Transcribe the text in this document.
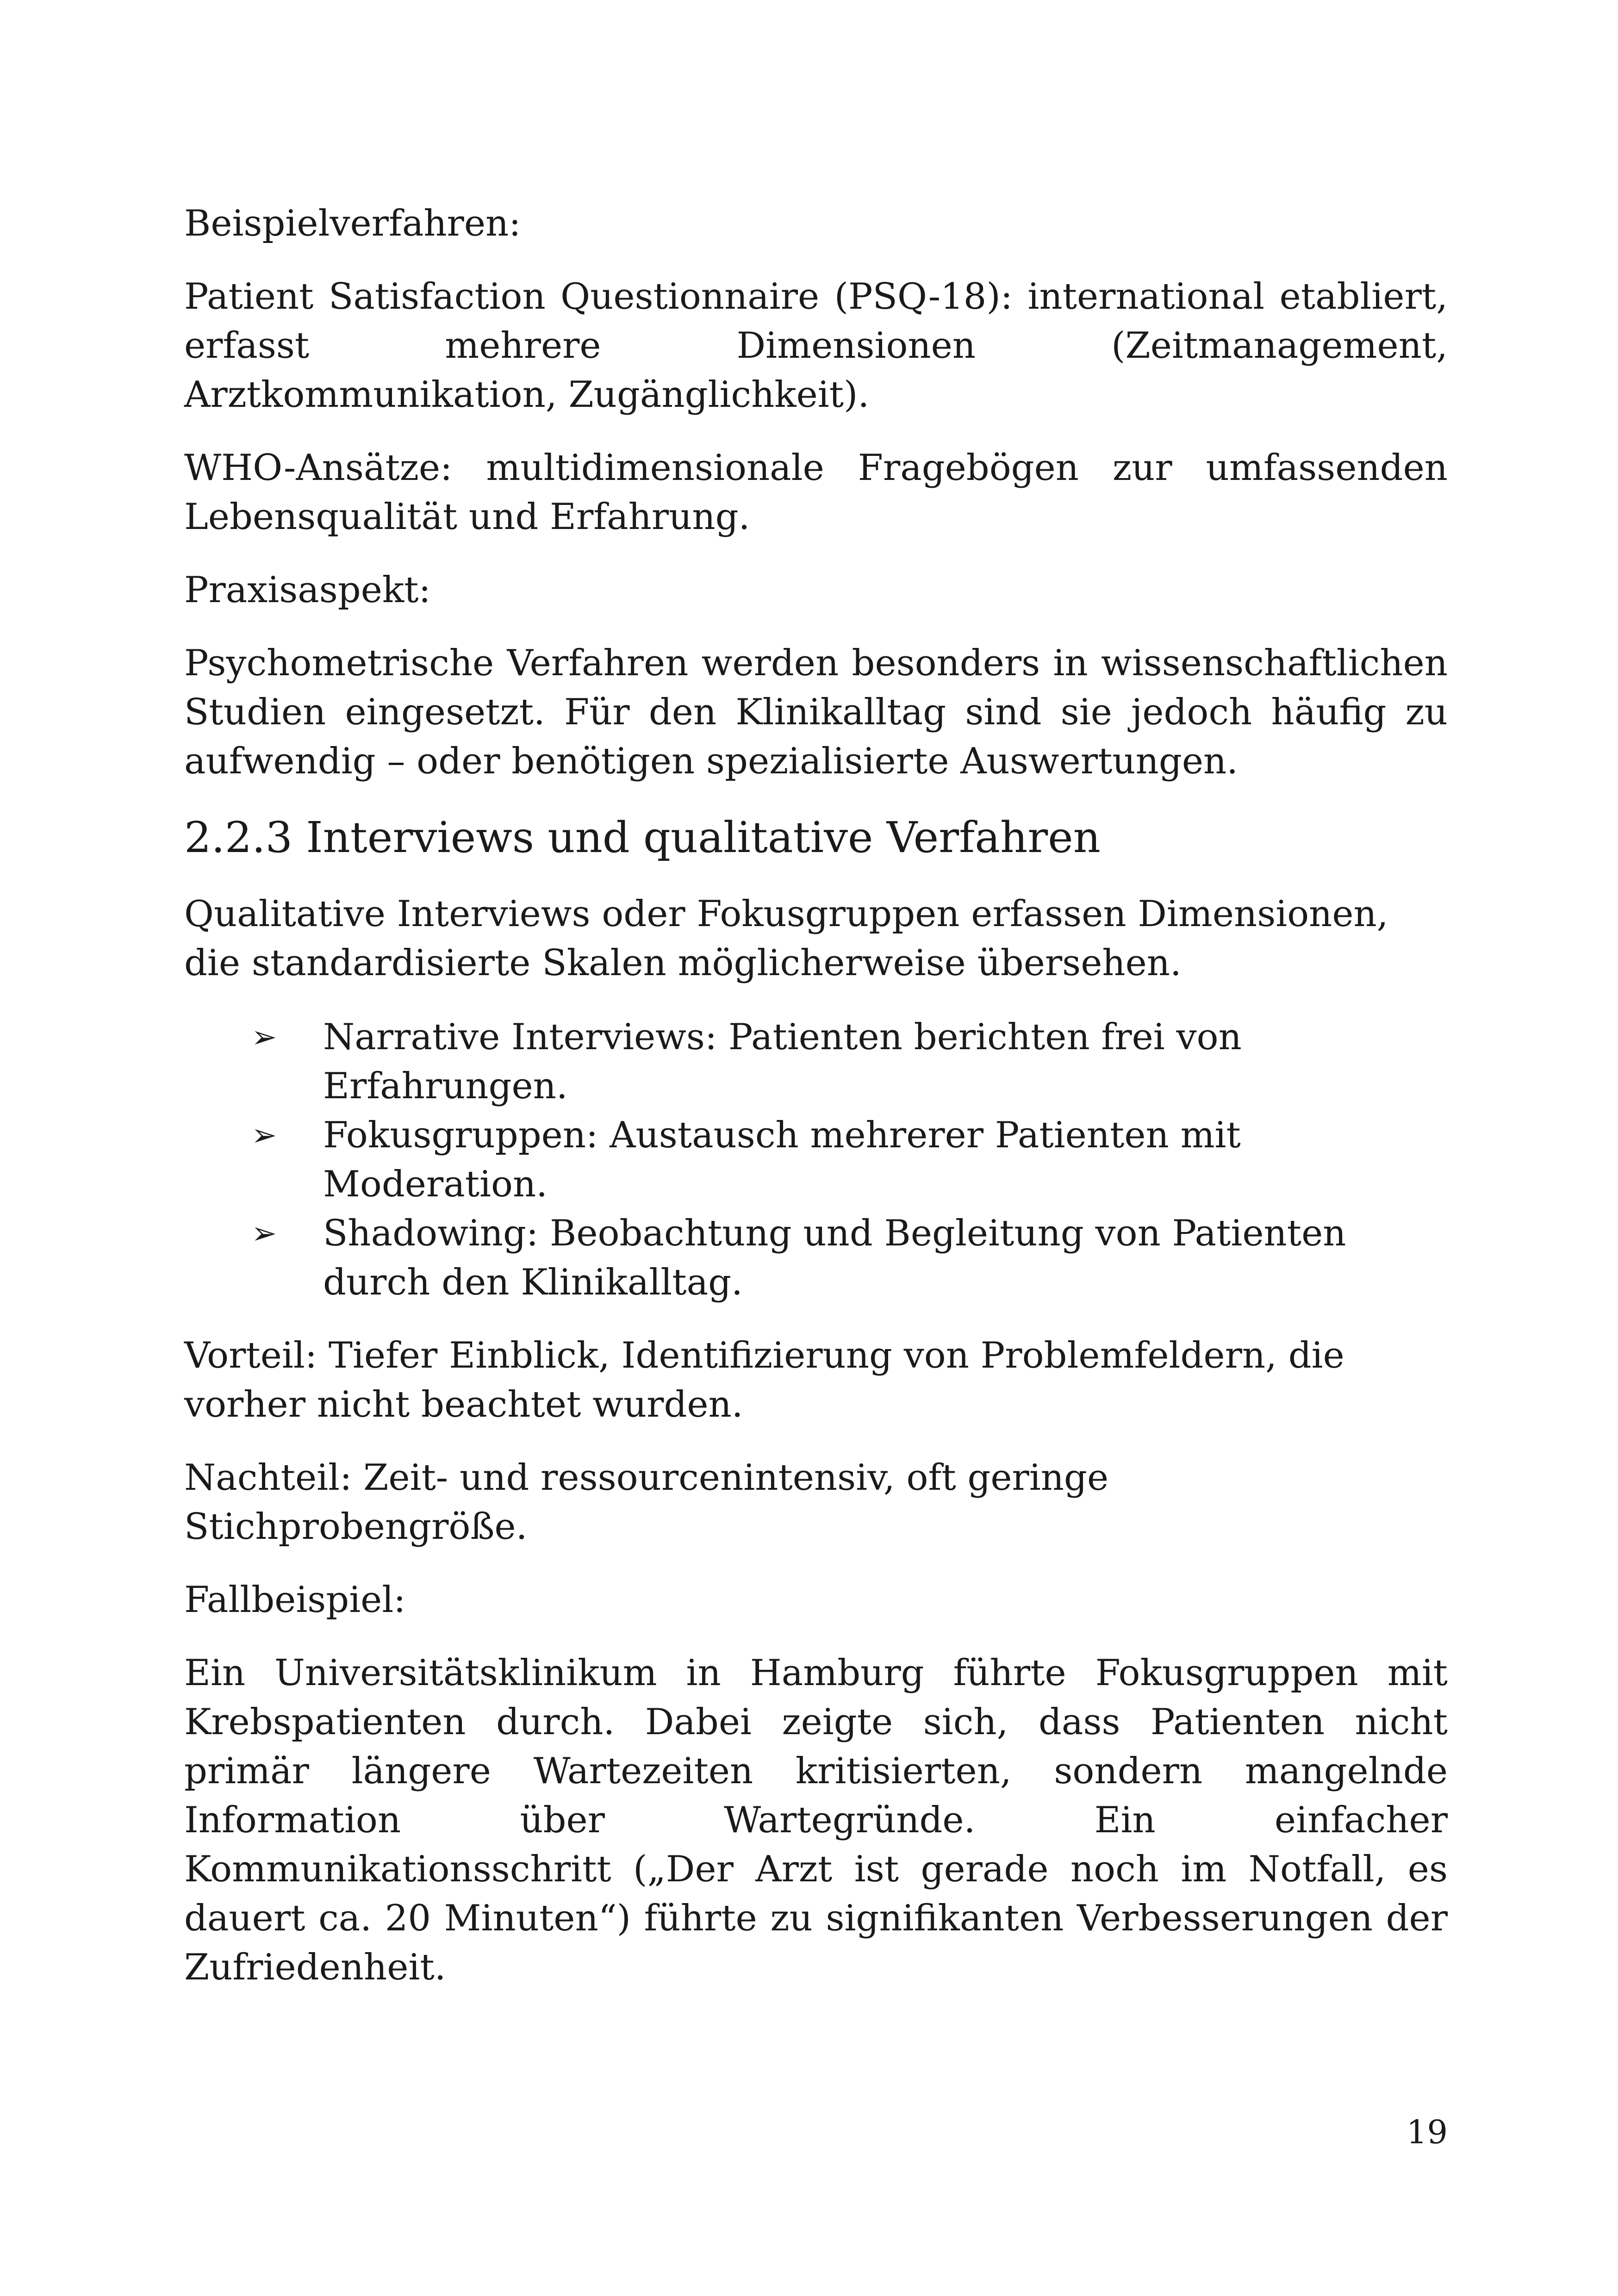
Beispielverfahren:

Patient Satisfaction Questionnaire (PSQ-18): international etabliert, erfasst mehrere Dimensionen (Zeitmanagement, Arztkommunikation, Zugänglichkeit).

WHO-Ansätze: multidimensionale Fragebögen zur umfassenden Lebensqualität und Erfahrung.

Praxisaspekt:

Psychometrische Verfahren werden besonders in wissenschaftlichen Studien eingesetzt. Für den Klinikalltag sind sie jedoch häufig zu aufwendig – oder benötigen spezialisierte Auswertungen.

2.2.3 Interviews und qualitative Verfahren

Qualitative Interviews oder Fokusgruppen erfassen Dimensionen, die standardisierte Skalen möglicherweise übersehen.

➢ Narrative Interviews: Patienten berichten frei von Erfahrungen.
➢ Fokusgruppen: Austausch mehrerer Patienten mit Moderation.
➢ Shadowing: Beobachtung und Begleitung von Patienten durch den Klinikalltag.

Vorteil: Tiefer Einblick, Identifizierung von Problemfeldern, die vorher nicht beachtet wurden.

Nachteil: Zeit- und ressourcenintensiv, oft geringe Stichprobengröße.

Fallbeispiel:

Ein Universitätsklinikum in Hamburg führte Fokusgruppen mit Krebspatienten durch. Dabei zeigte sich, dass Patienten nicht primär längere Wartezeiten kritisierten, sondern mangelnde Information über Wartegründe. Ein einfacher Kommunikationsschritt („Der Arzt ist gerade noch im Notfall, es dauert ca. 20 Minuten“) führte zu signifikanten Verbesserungen der Zufriedenheit.

19
